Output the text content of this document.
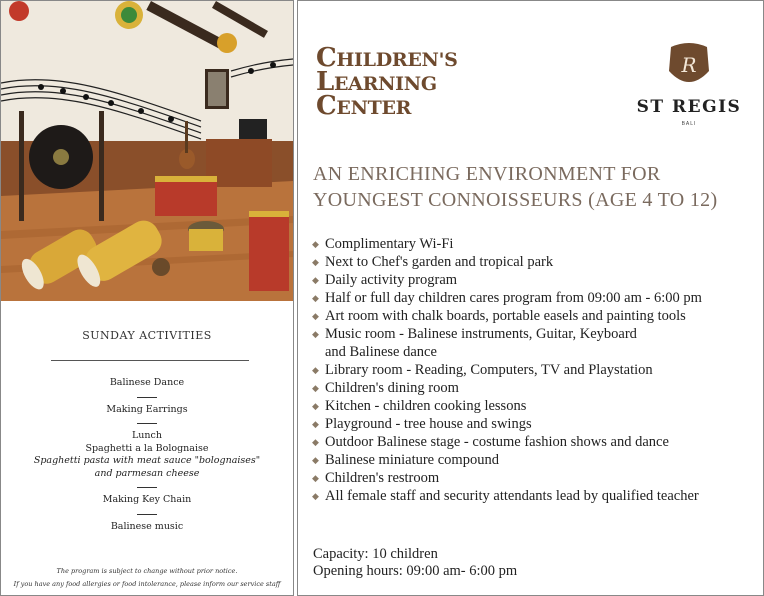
SUNDAY ACTIVITIES
Balinese Dance
Making Earrings
Lunch
Spaghetti a la Bolognaise
Spaghetti pasta with meat sauce "bolognaises"
and parmesan cheese
Making Key Chain
Balinese music
The program is subject to change without prior notice.
If you have any food allergies or food intolerance, please inform our service staff
CHILDREN'S
LEARNING
CENTER
R
ST REGIS
BALI
AN ENRICHING ENVIRONMENT FOR
YOUNGEST CONNOISSEURS (AGE 4 TO 12)
◆ Complimentary Wi-Fi
◆ Next to Chef's garden and tropical park
◆ Daily activity program
◆ Half or full day children cares program from 09:00 am - 6:00 pm
◆ Art room with chalk boards, portable easels and painting tools
◆ Music room - Balinese instruments, Guitar, Keyboard
and Balinese dance
◆ Library room - Reading, Computers, TV and Playstation
◆ Children's dining room
◆ Kitchen - children cooking lessons
◆ Playground - tree house and swings
◆ Outdoor Balinese stage - costume fashion shows and dance
◆ Balinese miniature compound
◆ Children's restroom
◆ All female staff and security attendants lead by qualified teacher
Capacity: 10 children
Opening hours: 09:00 am- 6:00 pm
